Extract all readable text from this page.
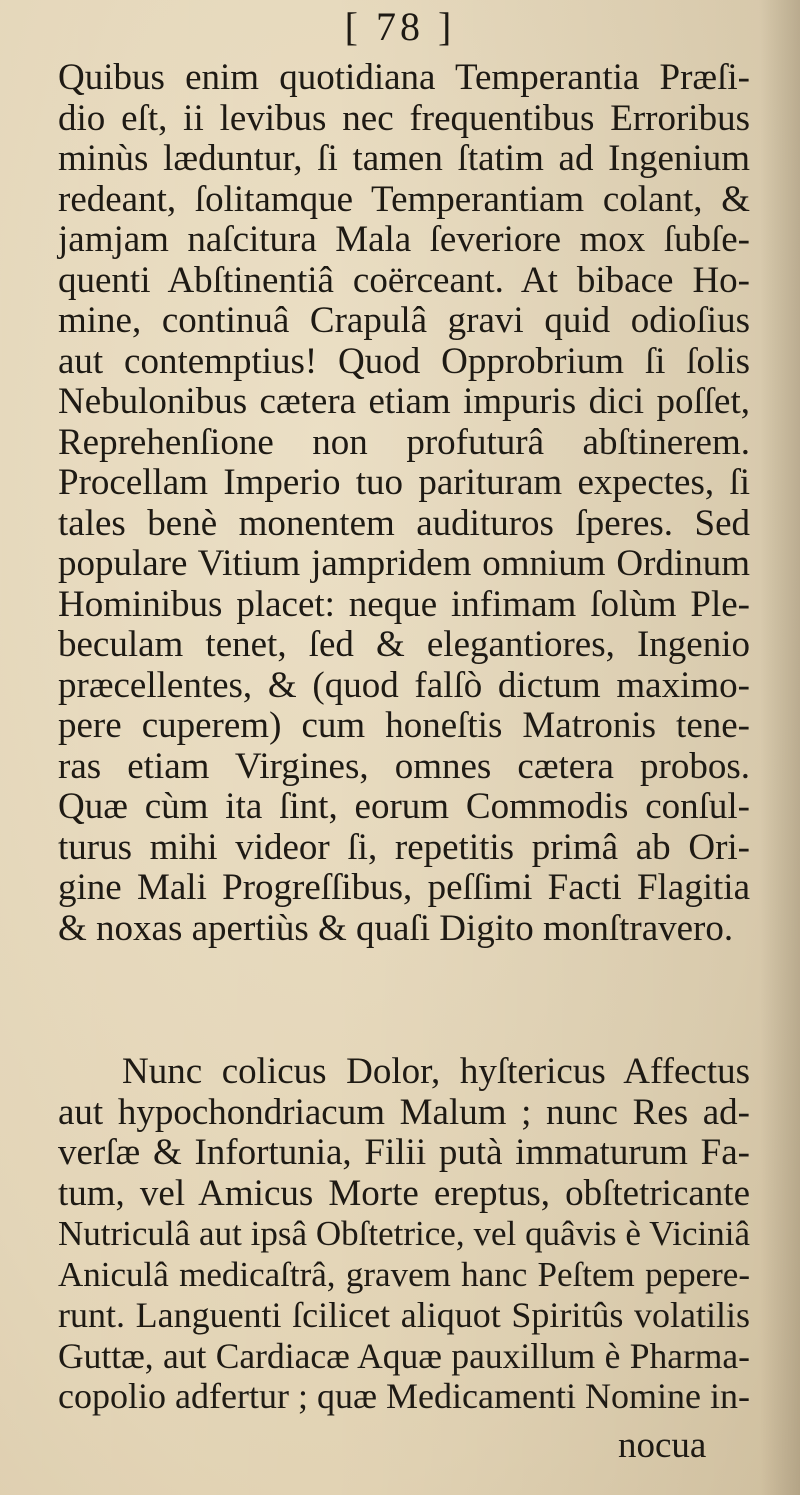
[ 78 ]
Quibus enim quotidiana Temperantia Præſi-
dio eſt, ii levibus nec frequentibus Erroribus
minùs læduntur, ſi tamen ſtatim ad Ingenium
redeant, ſolitamque Temperantiam colant, &
jamjam naſcitura Mala ſeveriore mox ſubſe-
quenti Abſtinentiâ coërceant. At bibace Ho-
mine, continuâ Crapulâ gravi quid odioſius
aut contemptius! Quod Opprobrium ſi ſolis
Nebulonibus cætera etiam impuris dici poſſet,
Reprehenſione non profuturâ abſtinerem.
Procellam Imperio tuo parituram expectes, ſi
tales benè monentem audituros ſperes. Sed
populare Vitium jampridem omnium Ordinum
Hominibus placet: neque infimam ſolùm Ple-
beculam tenet, ſed & elegantiores, Ingenio
præcellentes, & (quod falſò dictum maximo-
pere cuperem) cum honeſtis Matronis tene-
ras etiam Virgines, omnes cætera probos.
Quæ cùm ita ſint, eorum Commodis conſul-
turus mihi videor ſi, repetitis primâ ab Ori-
gine Mali Progreſſibus, peſſimi Facti Flagitia
& noxas apertiùs & quaſi Digito monſtravero.
Nunc colicus Dolor, hyſtericus Affectus
aut hypochondriacum Malum ; nunc Res ad-
verſæ & Infortunia, Filii putà immaturum Fa-
tum, vel Amicus Morte ereptus, obſtetricante
Nutriculâ aut ipsâ Obſtetrice, vel quâvis è Viciniâ
Aniculâ medicaſtrâ, gravem hanc Peſtem pepere-
runt. Languenti ſcilicet aliquot Spiritûs volatilis
Guttæ, aut Cardiacæ Aquæ pauxillum è Pharma-
copolio adfertur ; quæ Medicamenti Nomine in-
nocua
